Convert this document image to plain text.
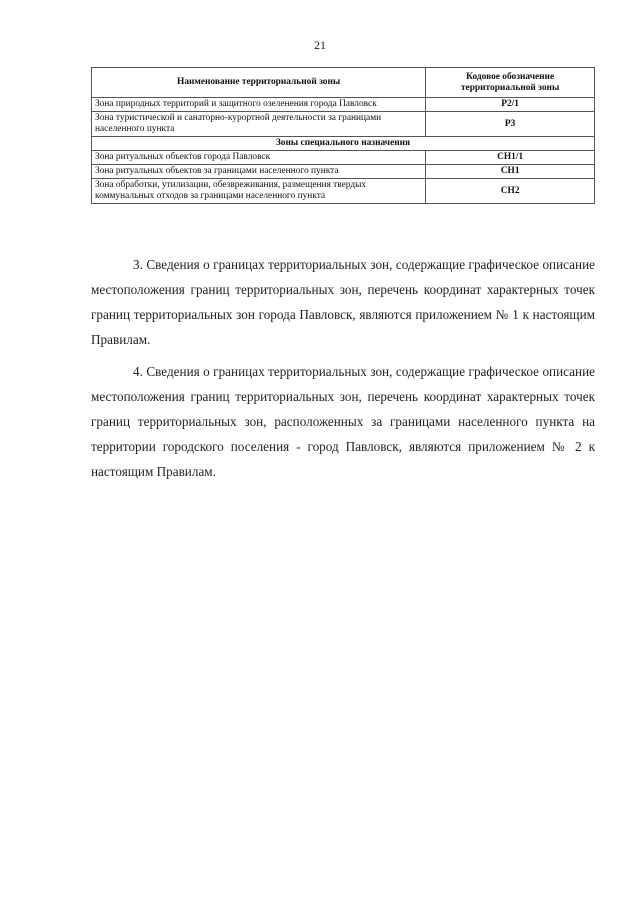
21
Наименование территориальной зоны	Кодовое обозначение территориальной зоны
Зона природных территорий и защитного озеленения города Павловск	Р2/1
Зона туристической и санаторно-курортной деятельности за границами населенного пункта	Р3
Зоны специального назначения	
Зона ритуальных объектов города Павловск	СН1/1
Зона ритуальных объектов за границами населенного пункта	СН1
Зона обработки, утилизации, обезвреживания, размещения твердых коммунальных отходов за границами населенного пункта	СН2

3. Сведения о границах территориальных зон, содержащие графическое описание местоположения границ территориальных зон, перечень координат характерных точек границ территориальных зон города Павловск, являются приложением № 1 к настоящим Правилам.

4. Сведения о границах территориальных зон, содержащие графическое описание местоположения границ территориальных зон, перечень координат характерных точек границ территориальных зон, расположенных за границами населенного пункта на территории городского поселения - город Павловск, являются приложением № 2 к настоящим Правилам.
